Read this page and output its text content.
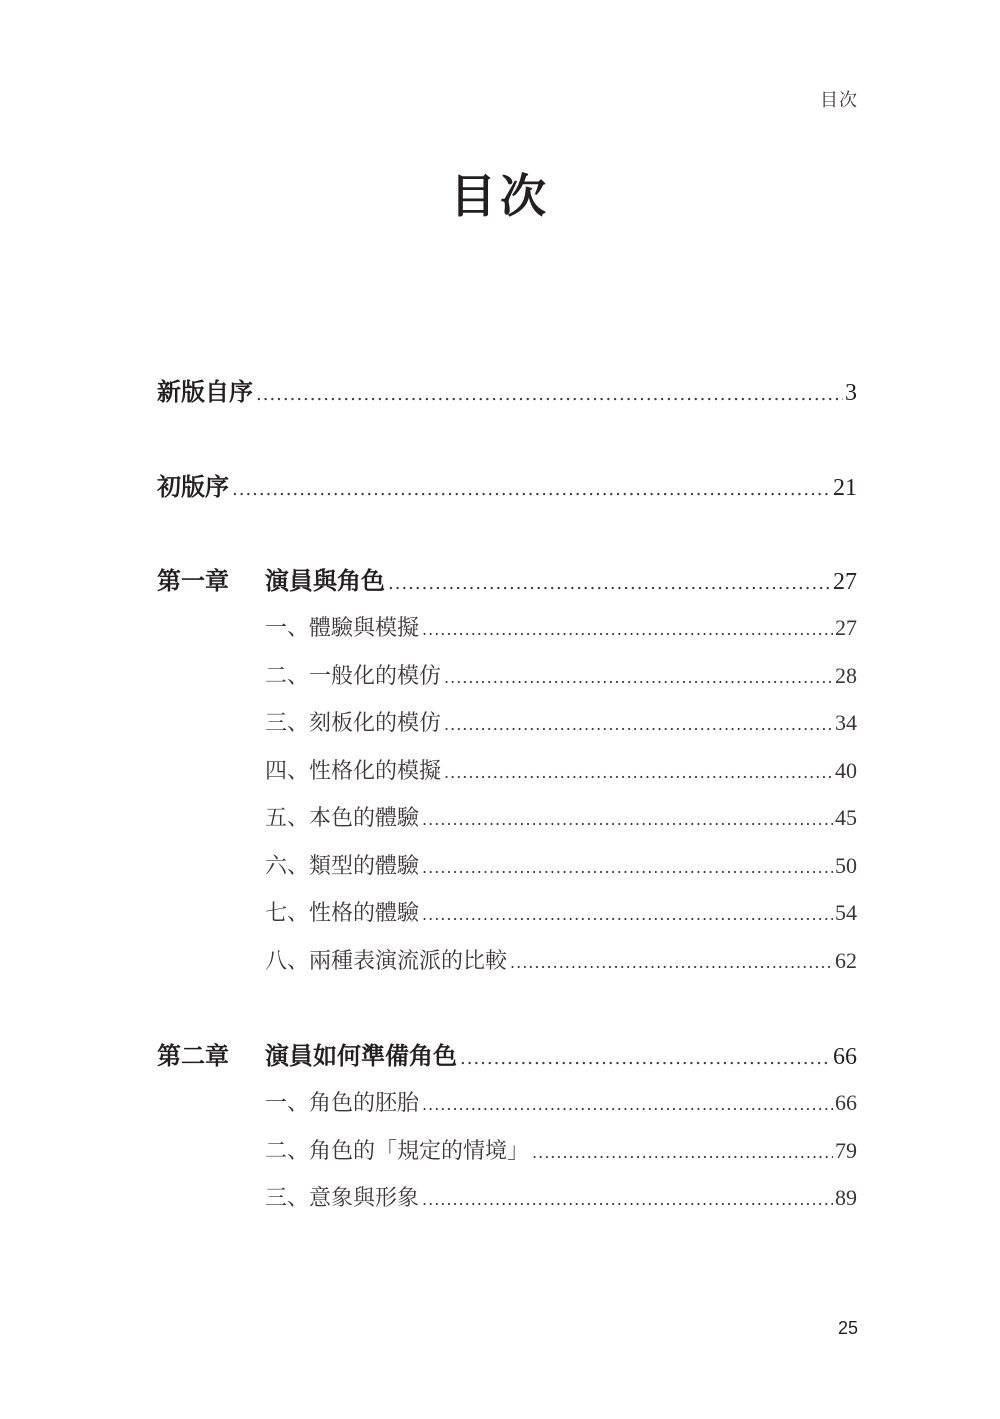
目次
目次
新版自序 .....	3
初版序 .....	21
第一章 演員與角色 .....	27
一、體驗與模擬 .....	27
二、一般化的模仿 .....	28
三、刻板化的模仿 .....	34
四、性格化的模擬 .....	40
五、本色的體驗 .....	45
六、類型的體驗 .....	50
七、性格的體驗 .....	54
八、兩種表演流派的比較 .....	62
第二章 演員如何準備角色 .....	66
一、角色的胚胎 .....	66
二、角色的「規定的情境」 .....	79
三、意象與形象 .....	89
25
